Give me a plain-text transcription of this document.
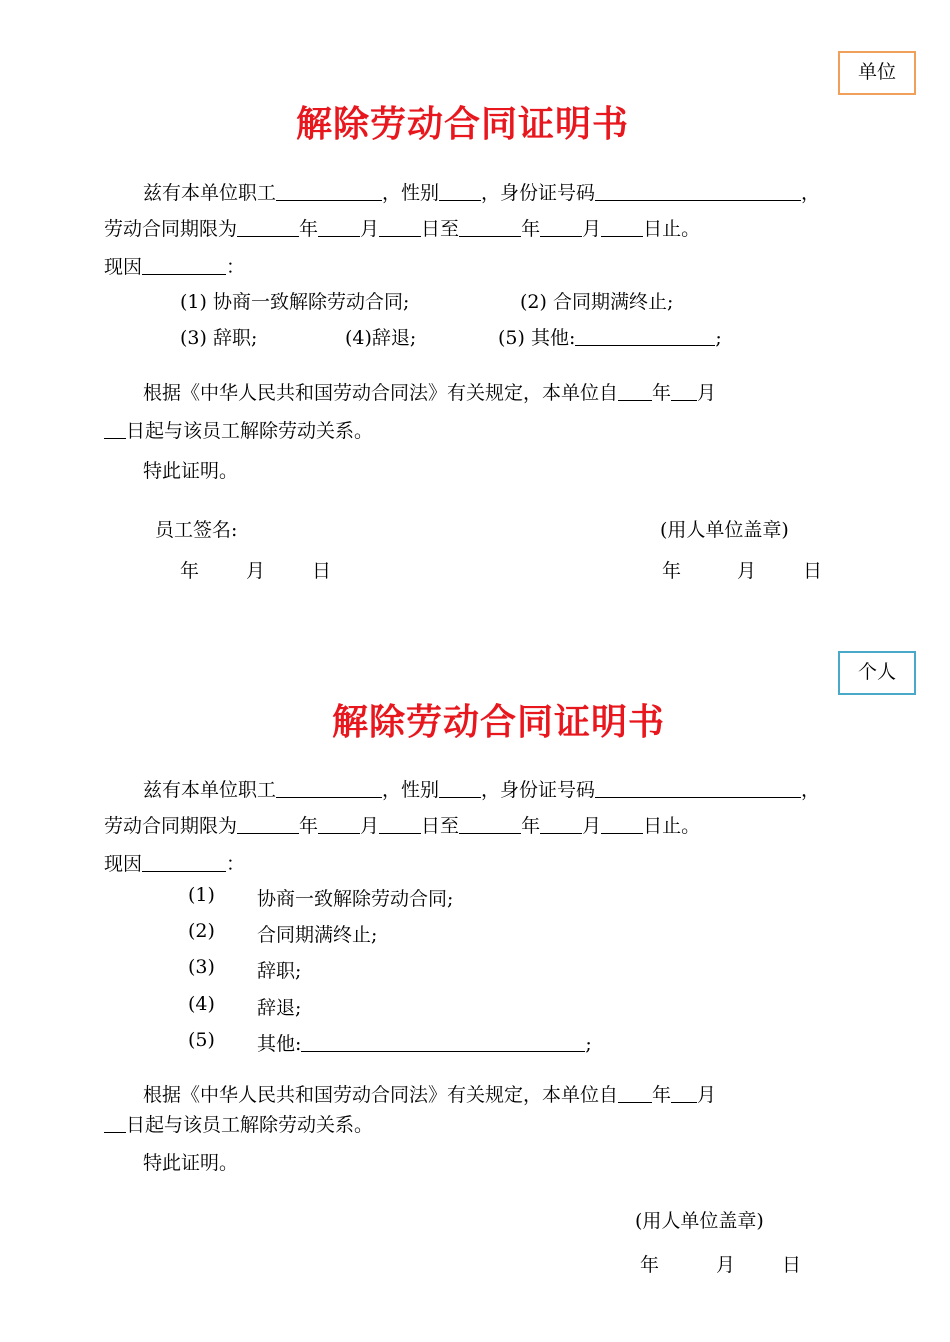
单位
解除劳动合同证明书
兹有本单位职工	，性别 ，身份证号码	，
劳动合同期限为	年 月 日至	年 月 日止。
现因	：
(1) 协商一致解除劳动合同;	(2) 合同期满终止;
(3) 辞职;	(4)辞退;	(5) 其他:	;
根据《中华人民共和国劳动合同法》有关规定，本单位自 年 月
日起与该员工解除劳动关系。
特此证明。
员工签名:	(用人单位盖章)
年 月 日	年	月 日
个人
解除劳动合同证明书
兹有本单位职工	，性别 ，身份证号码	，
劳动合同期限为	年 月 日至	年 月 日止。
现因	：
(1) 协商一致解除劳动合同;
(2) 合同期满终止;
(3) 辞职;
(4) 辞退;
(5) 其他:	;
根据《中华人民共和国劳动合同法》有关规定，本单位自 年 月
日起与该员工解除劳动关系。
特此证明。
(用人单位盖章)
年	月 日
